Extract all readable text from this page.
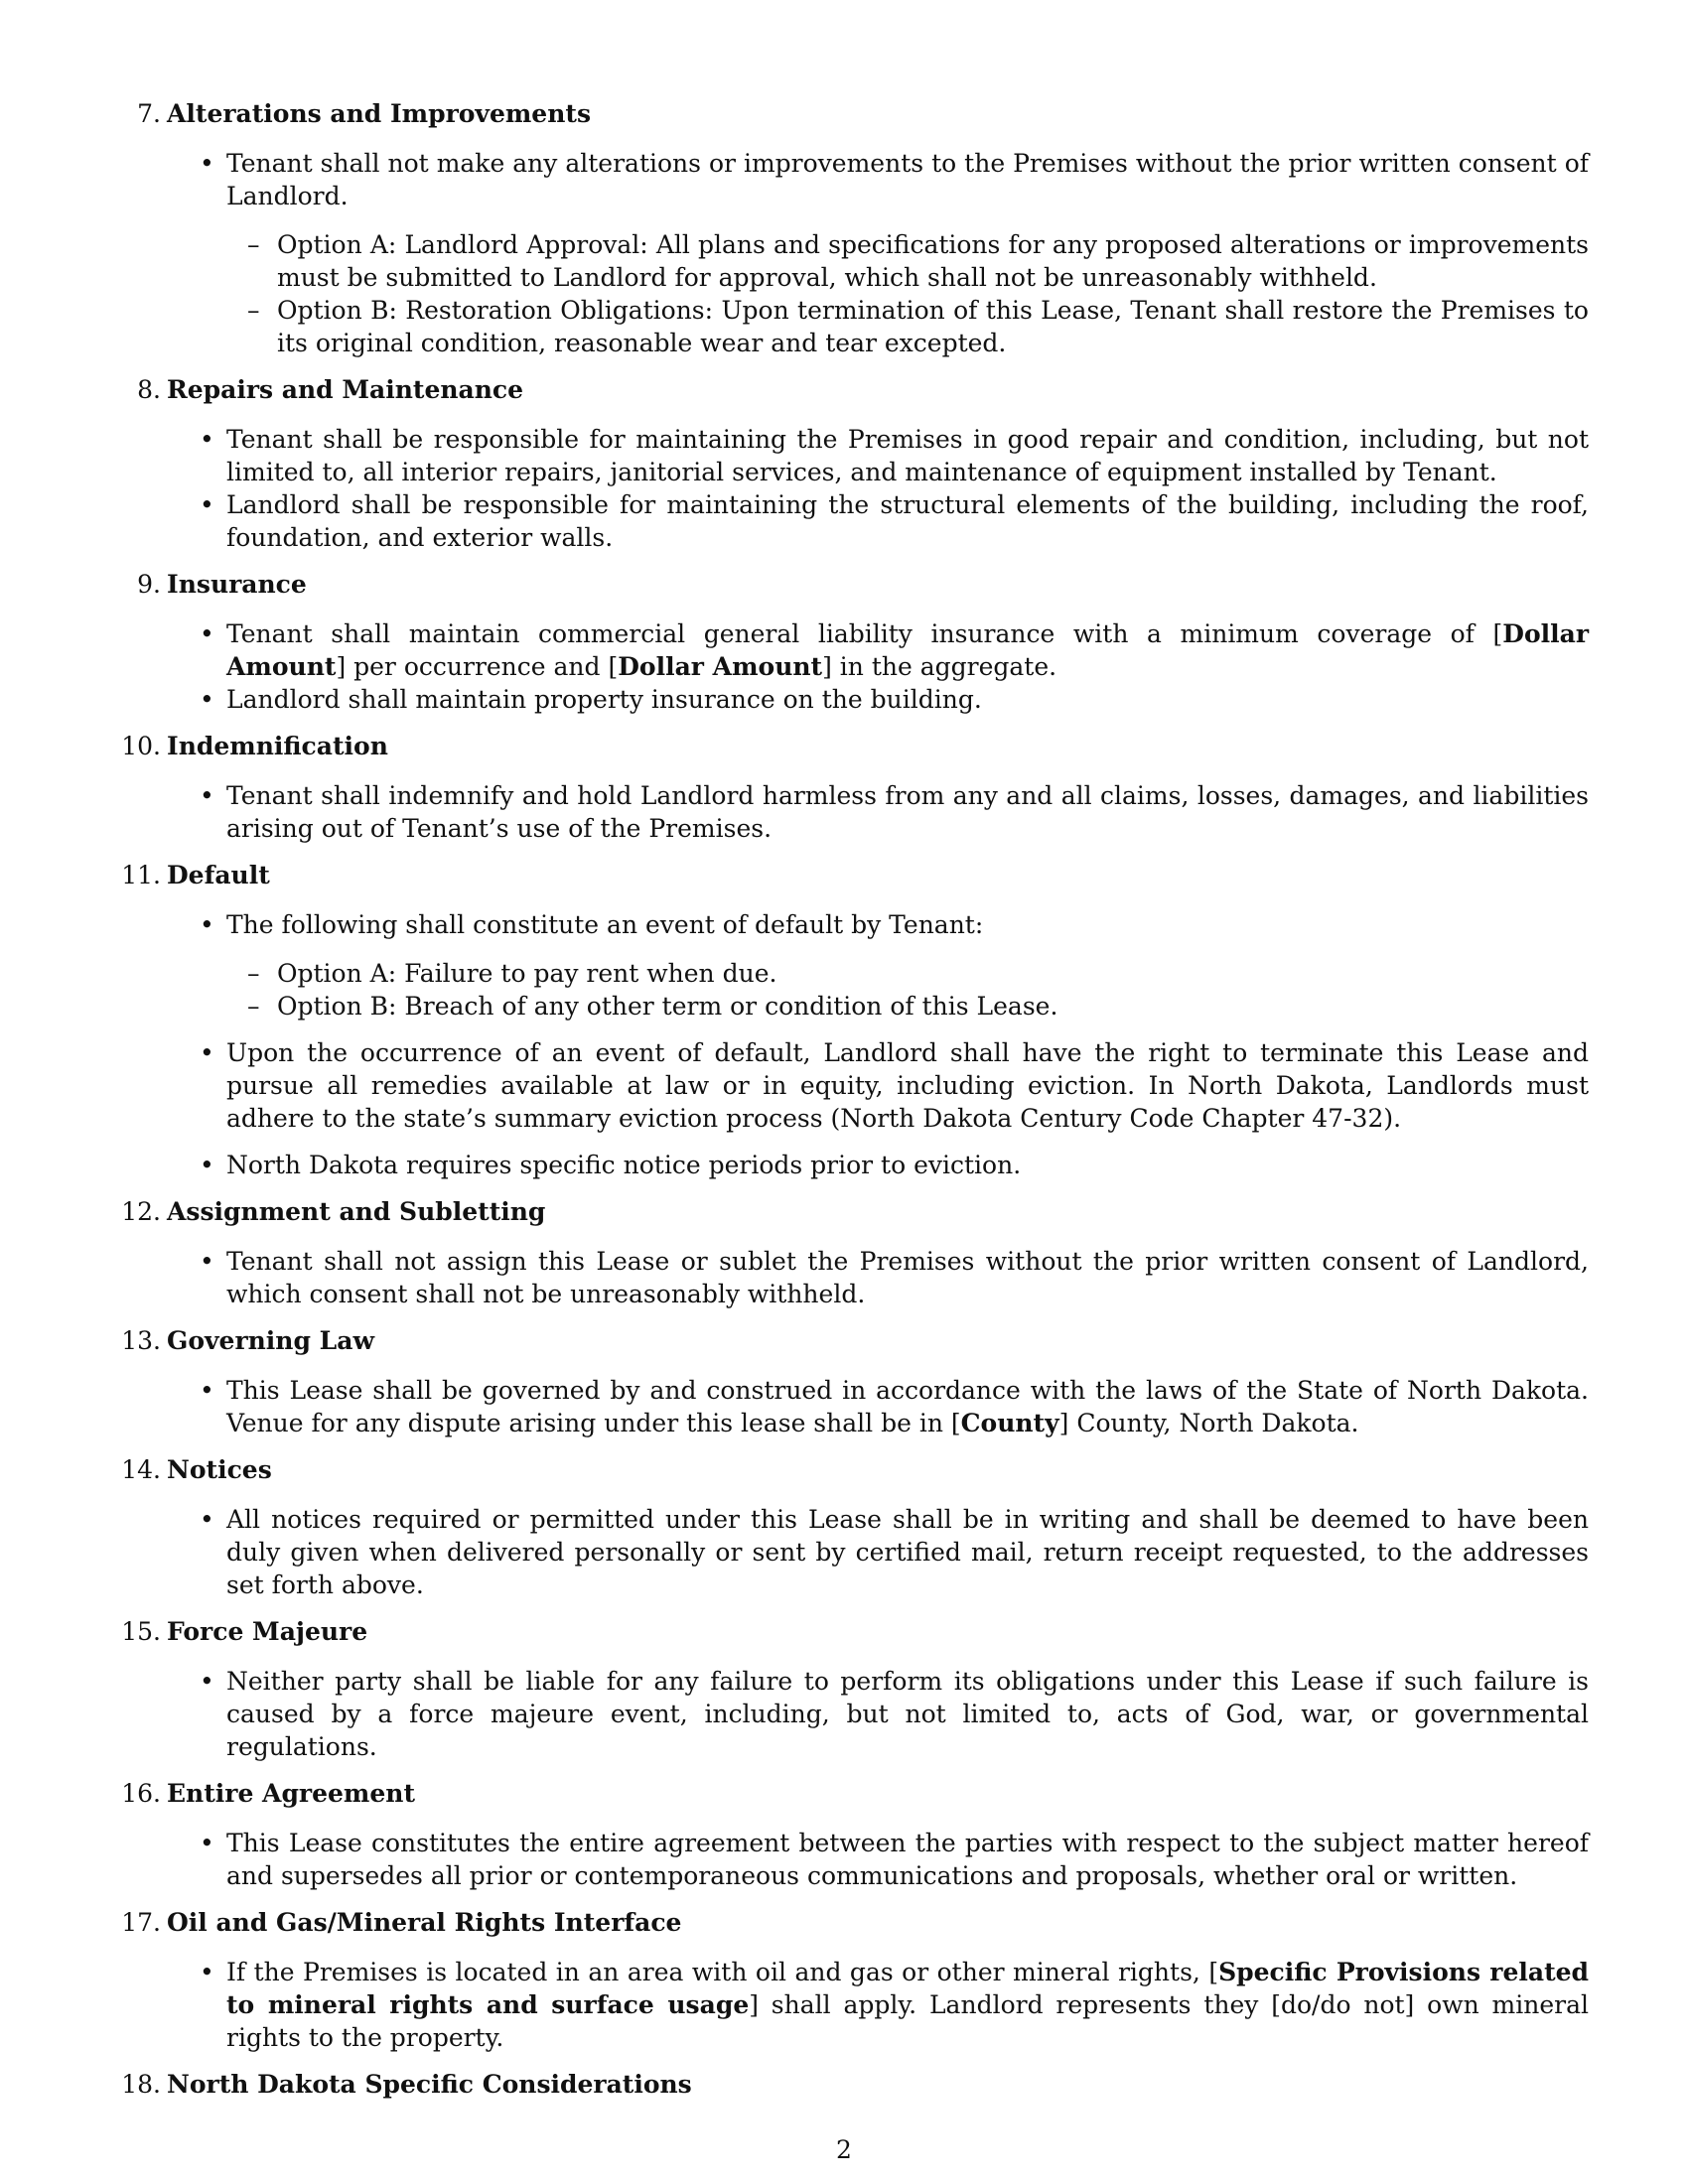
7. Alterations and Improvements
• Tenant shall not make any alterations or improvements to the Premises without the prior written consent of Landlord.
– Option A: Landlord Approval: All plans and specifications for any proposed alterations or improvements must be submitted to Landlord for approval, which shall not be unreasonably withheld.
– Option B: Restoration Obligations: Upon termination of this Lease, Tenant shall restore the Premises to its original condition, reasonable wear and tear excepted.
8. Repairs and Maintenance
• Tenant shall be responsible for maintaining the Premises in good repair and condition, including, but not limited to, all interior repairs, janitorial services, and maintenance of equipment installed by Tenant.
• Landlord shall be responsible for maintaining the structural elements of the building, including the roof, foundation, and exterior walls.
9. Insurance
• Tenant shall maintain commercial general liability insurance with a minimum coverage of [Dollar Amount] per occurrence and [Dollar Amount] in the aggregate.
• Landlord shall maintain property insurance on the building.
10. Indemnification
• Tenant shall indemnify and hold Landlord harmless from any and all claims, losses, damages, and liabilities arising out of Tenant’s use of the Premises.
11. Default
• The following shall constitute an event of default by Tenant:
– Option A: Failure to pay rent when due.
– Option B: Breach of any other term or condition of this Lease.
• Upon the occurrence of an event of default, Landlord shall have the right to terminate this Lease and pursue all remedies available at law or in equity, including eviction. In North Dakota, Landlords must adhere to the state’s summary eviction process (North Dakota Century Code Chapter 47-32).
• North Dakota requires specific notice periods prior to eviction.
12. Assignment and Subletting
• Tenant shall not assign this Lease or sublet the Premises without the prior written consent of Landlord, which consent shall not be unreasonably withheld.
13. Governing Law
• This Lease shall be governed by and construed in accordance with the laws of the State of North Dakota. Venue for any dispute arising under this lease shall be in [County] County, North Dakota.
14. Notices
• All notices required or permitted under this Lease shall be in writing and shall be deemed to have been duly given when delivered personally or sent by certified mail, return receipt requested, to the addresses set forth above.
15. Force Majeure
• Neither party shall be liable for any failure to perform its obligations under this Lease if such failure is caused by a force majeure event, including, but not limited to, acts of God, war, or governmental regulations.
16. Entire Agreement
• This Lease constitutes the entire agreement between the parties with respect to the subject matter hereof and supersedes all prior or contemporaneous communications and proposals, whether oral or written.
17. Oil and Gas/Mineral Rights Interface
• If the Premises is located in an area with oil and gas or other mineral rights, [Specific Provisions related to mineral rights and surface usage] shall apply. Landlord represents they [do/do not] own mineral rights to the property.
18. North Dakota Specific Considerations
2
